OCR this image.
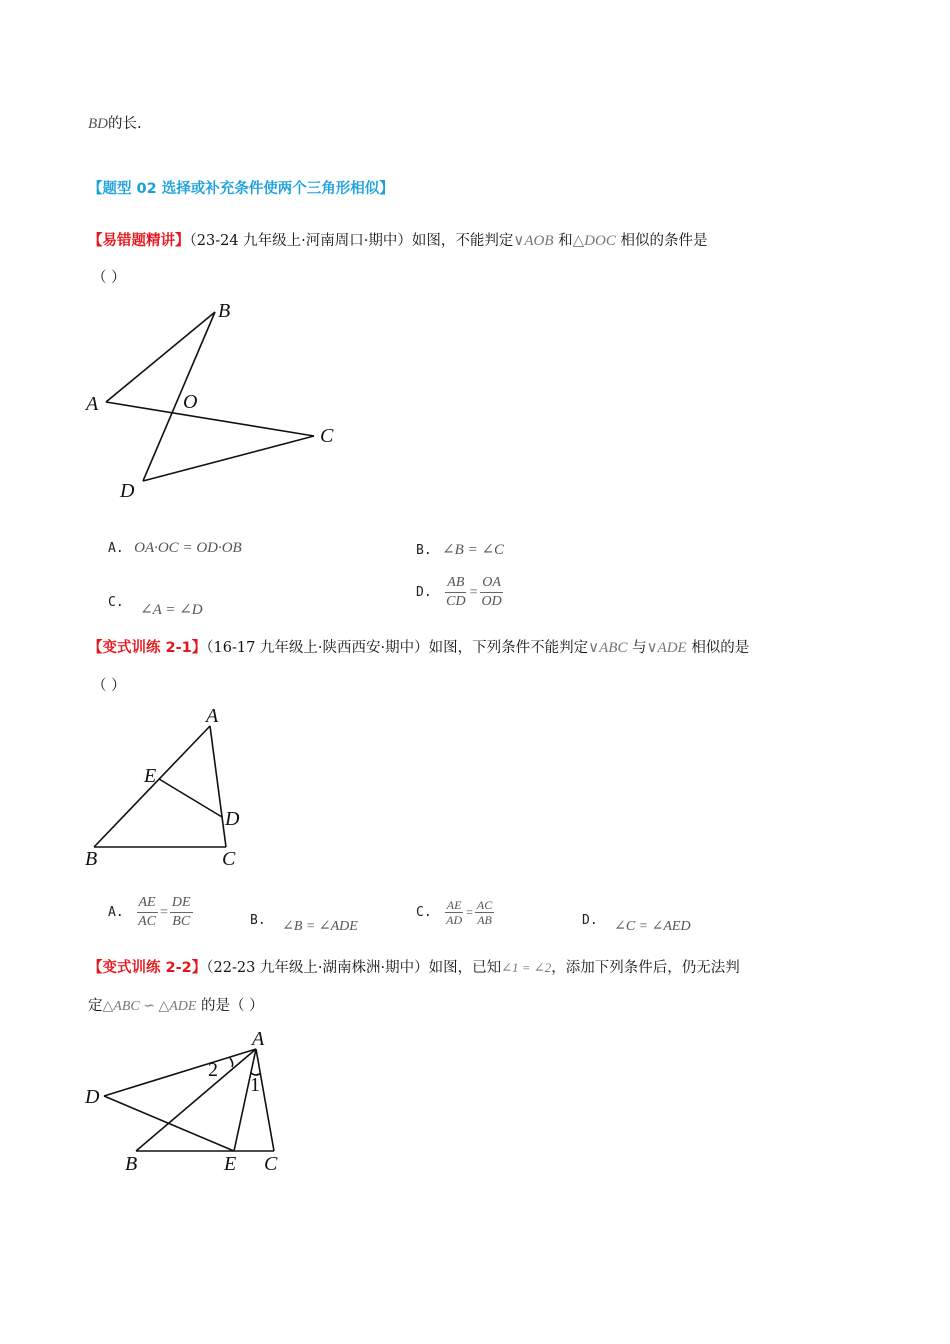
BD的长.
【题型 02 选择或补充条件使两个三角形相似】
【易错题精讲】（23-24 九年级上·河南周口·期中）如图，不能判定∨AOB 和△DOC 相似的条件是
（ ）
B
A	O
C
D
A. OA·OC = OD·OB	B. ∠B = ∠C
C. ∠A = ∠D
D. $\frac{AB}{CD} = \frac{OA}{OD}$
【变式训练 2-1】（16-17 九年级上·陕西西安·期中）如图，下列条件不能判定∨ABC 与∨ADE 相似的是
（ ）
A
E
D
B	C
A. $\frac{AE}{AC} = \frac{DE}{BC}$	B. ∠B = ∠ADE
C. $\frac{AE}{AD} = \frac{AC}{AB}$	D. ∠C = ∠AED
【变式训练 2-2】（22-23 九年级上·湖南株洲·期中）如图，已知∠1 = ∠2，添加下列条件后，仍无法判
定△ABC ∽ △ADE 的是（ ）
A
D
2
1
B	E C
